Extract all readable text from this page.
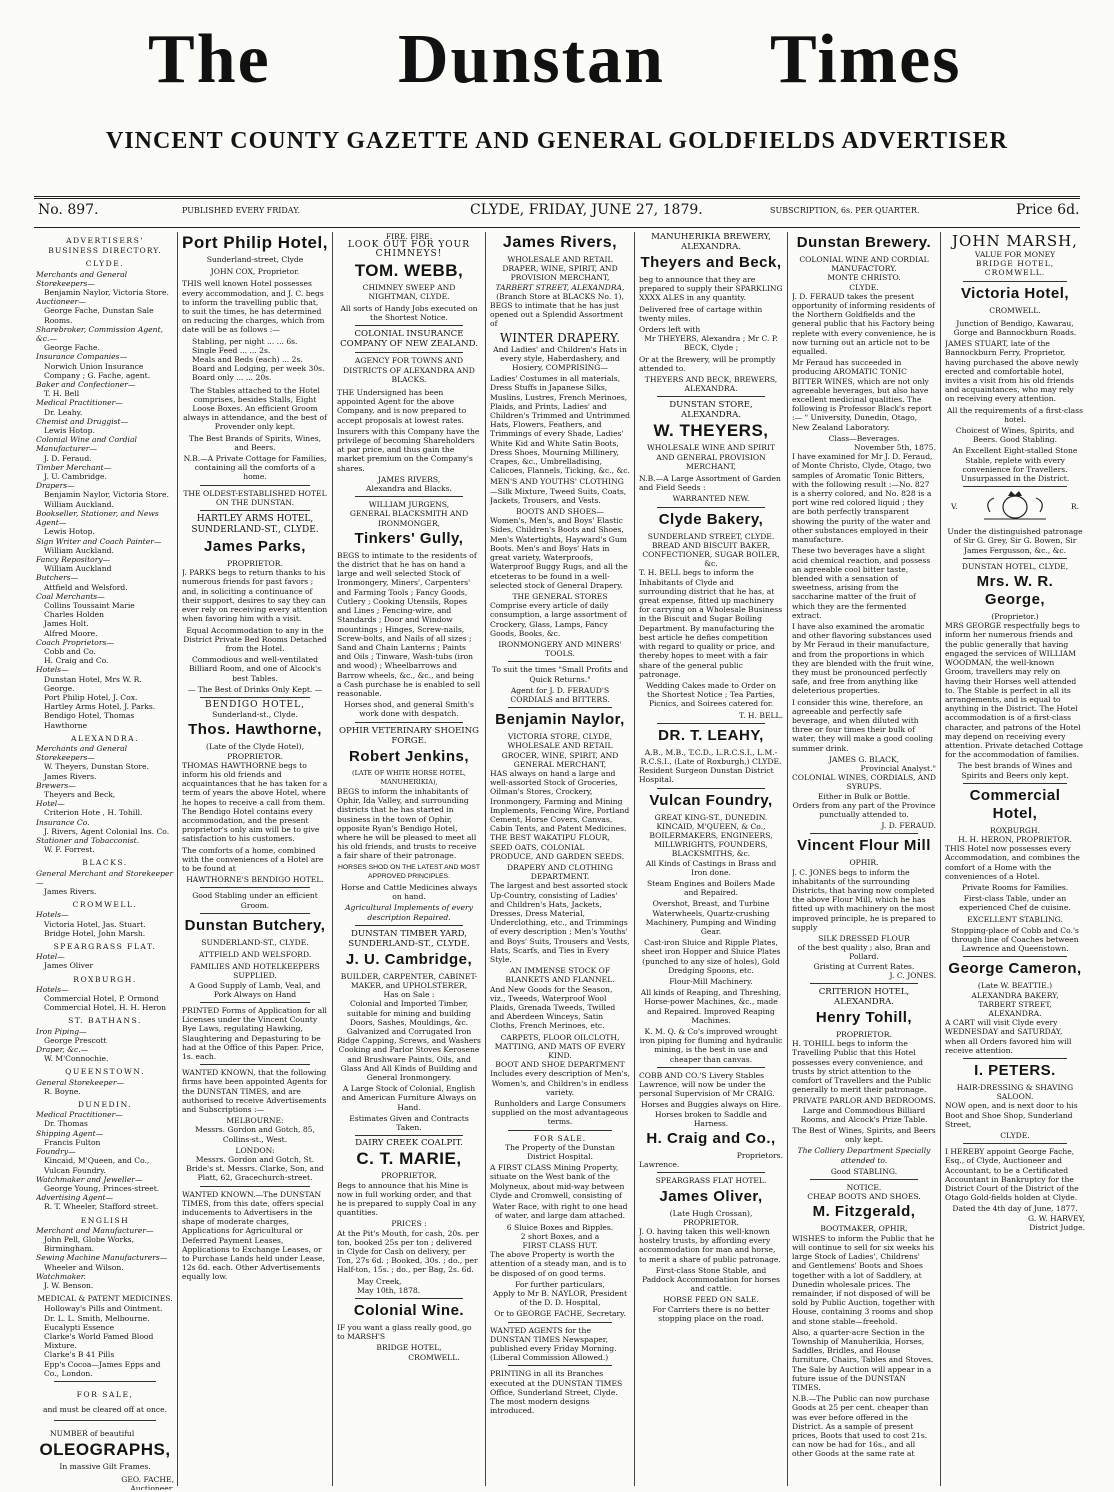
The Dunstan Times
VINCENT COUNTY GAZETTE AND GENERAL GOLDFIELDS ADVERTISER
No. 897.	PUBLISHED EVERY FRIDAY.	CLYDE, FRIDAY, JUNE 27, 1879.	SUBSCRIPTION, 6s. PER QUARTER.	Price 6d.
ADVERTISERS'
BUSINESS DIRECTORY.
CLYDE.
Merchants and General Storekeepers—
Benjamin Naylor, Victoria Store.
Auctioneer—
George Fache, Dunstan Sale Rooms.
Sharebroker, Commission Agent, &c.—
George Fache.
Insurance Companies—
Norwich Union Insurance Company ; G. Fache, agent.
Baker and Confectioner—
T. H. Bell
Medical Practitioner—
Dr. Leahy.
Chemist and Druggist—
Lewis Hotop.
Colonial Wine and Cordial Manufacturer—
J. D. Feraud.
Timber Merchant—
J. U. Cambridge.
Drapers—
Benjamin Naylor, Victoria Store.
William Auckland.
Bookseller, Stationer, and News Agent—
Lewis Hotop.
Sign Writer and Coach Painter—
William Auckland.
Fancy Repository—
William Auckland
Butchers—
Attfield and Welsford.
Coal Merchants—
Collins Toussaint Marie
Charles Holden
James Holt.
Alfred Moore.
Coach Proprietors—
Cobb and Co.
H. Craig and Co.
Hotels—
Dunstan Hotel, Mrs W. R. George.
Port Philip Hotel, J. Cox.
Hartley Arms Hotel, J. Parks.
Bendigo Hotel, Thomas Hawthorne
ALEXANDRA.
Merchants and General Storekeepers—
W. Theyers, Dunstan Store.
James Rivers.
Brewers—
Theyers and Beck,
Hotel—
Criterion Hote , H. Tohill.
Insurance Co.
J. Rivers, Agent Colonial Ins. Co.
Stationer and Tobacconist.
W. F. Forrest.
BLACKS.
General Merchant and Storekeeper—
James Rivers.
CROMWELL.
Hotels—
Victoria Hotel, Jas. Stuart.
Bridge Hotel, John Marsh.
SPEARGRASS FLAT.
Hotel—
James Oliver
ROXBURGH.
Hotels—
Commercial Hotel, P. Ormond
Commercial Hotel, H. H. Heron
ST. BATHANS.
Iron Piping—
George Prescott
Draper, &c.—
W. M'Connochie.
QUEENSTOWN.
General Storekeeper—
R. Boyne.
DUNEDIN.
Medical Practitioner—
Dr. Thomas
Shipping Agent—
Francis Fulton
Foundry—
Kincaid, M'Queen, and Co., Vulcan Foundry.
Watchmaker and Jeweller—
George Young, Princes-street.
Advertising Agent—
R. T. Wheeler, Stafford street.
ENGLISH
Merchant and Manufacturer—
John Pell, Globe Works, Birmingham.
Sewing Machine Manufacturers—
Wheeler and Wilson.
Watchmaker.
J. W. Benson.
MEDICAL & PATENT MEDICINES.
Holloway's Pills and Ointment.
Dr. L. L. Smith, Melbourne.
Eucalypti Essence
Clarke's World Famed Blood Mixture.
Clarke's B 41 Pills
Epp's Cocoa—James Epps and Co., London.
FOR SALE,
and must be cleared off at once.
NUMBER of beautiful
OLEOGRAPHS,
In massive Gilt Frames.
GEO. FACHE,
Auctioneer.
Port Philip Hotel,
Sunderland-street, Clyde
JOHN COX, Proprietor.

THIS well known Hotel possesses every accommodation, and J. C. begs to inform the travelling public that, to suit the times, he has determined on reducing the charges, which from date will be as follows :—

Stabling, per night ... ... 6s.
Single Feed ... ... 2s.
Meals and Beds (each) ... 2s.
Board and Lodging, per week 30s.
Board only ... ... 20s.

The Stables attached to the Hotel comprises, besides Stalls, Eight Loose Boxes. An efficient Groom always in attendance, and the best of Provender only kept.

The Best Brands of Spirits, Wines, and Beers.

N.B.—A Private Cottage for Families, containing all the comforts of a home.

THE OLDEST-ESTABLISHED HOTEL ON THE DUNSTAN.
HARTLEY ARMS HOTEL, SUNDERLAND-ST., CLYDE.
James Parks,
PROPRIETOR.

J. PARKS begs to return thanks to his numerous friends for past favors ; and, in soliciting a continuance of their support, desires to say they can ever rely on receiving every attention when favoring him with a visit.

Equal Accommodation to any in the District Private Bed Rooms Detached from the Hotel.

Commodious and well-ventilated Billiard Room, and one of Alcock's best Tables.

— The Best of Drinks Only Kept. —
BENDIGO HOTEL,
Sunderland-st., Clyde.
Thos. Hawthorne,
(Late of the Clyde Hotel),
PROPRIETOR.

THOMAS HAWTHORNE begs to inform his old friends and acquaintances that he has taken for a term of years the above Hotel, where he hopes to receive a call from them. The Bendigo Hotel contains every accommodation, and the present proprietor's only aim will be to give satisfaction to his customers.

The comforts of a home, combined with the conveniences of a Hotel are to be found at

HAWTHORNE'S BENDIGO HOTEL.

Good Stabling under an efficient Groom.

Dunstan Butchery,
SUNDERLAND-ST., CLYDE.
ATTFIELD AND WELSFORD.
FAMILIES AND HOTELKEEPERS SUPPLIED.

A Good Supply of Lamb, Veal, and Pork Always on Hand

PRINTED Forms of Application for all Licenses under the Vincent County Bye Laws, regulating Hawking, Slaughtering and Depasturing to be had at the Office of this Paper. Price, 1s. each.

WANTED KNOWN, that the following firms have been appointed Agents for the DUNSTAN TIMES, and are authorised to receive Advertisements and Subscriptions :—

MELBOURNE:

Messrs. Gordon and Gotch, 85, Collins-st., West.

LONDON:

Messrs. Gordon and Gotch, St. Bride's st. Messrs. Clarke, Son, and Platt, 62, Gracechurch-street.

WANTED KNOWN.—The DUNSTAN TIMES, from this date, offers special inducements to Advertisers in the shape of moderate charges, Applications for Agricultural or Deferred Payment Leases, Applications to Exchange Leases, or to Purchase Lands held under Lease, 12s 6d. each. Other Advertisements equally low.

FIRE. FIRE.
LOOK OUT FOR YOUR CHIMNEYS!
TOM. WEBB,
CHIMNEY SWEEP AND NIGHTMAN, CLYDE.

All sorts of Handy Jobs executed on the Shortest Notice.

COLONIAL INSURANCE COMPANY OF NEW ZEALAND.
AGENCY FOR TOWNS AND DISTRICTS OF ALEXANDRA AND BLACKS.

THE Undersigned has been appointed Agent for the above Company, and is now prepared to accept proposals at lowest rates.

Insurers with this Company have the privilege of becoming Shareholders at par price, and thus gain the market premium on the Company's shares.

JAMES RIVERS,
Alexandra and Blacks.
WILLIAM JURGENS,
GENERAL BLACKSMITH AND IRONMONGER,
Tinkers' Gully,

BEGS to intimate to the residents of the district that he has on hand a large and well selected Stock of Ironmongery, Miners', Carpenters' and Farming Tools ; Fancy Goods, Cutlery ; Cooking Utensils, Ropes and Lines ; Fencing-wire, and Standards ; Door and Window mountings ; Hinges, Screw-nails, Screw-bolts, and Nails of all sizes ; Sand and Chain Lanterns ; Paints and Oils ; Tinware, Wash-tubs (iron and wood) ; Wheelbarrows and Barrow wheels, &c., &c., and being a Cash purchase he is enabled to sell reasonable.

Horses shod, and general Smith's work done with despatch.

OPHIR VETERINARY SHOEING FORGE.
Robert Jenkins,
(LATE OF WHITE HORSE HOTEL, MANUHERIKIA),

BEGS to inform the inhabitants of Ophir, Ida Valley, and surrounding districts that he has started in business in the town of Ophir, opposite Ryan's Bendigo Hotel, where he will be pleased to meet all his old friends, and trusts to receive a fair share of their patronage.

HORSES SHOD ON THE LATEST AND MOST APPROVED PRINCIPLES.

Horse and Cattle Medicines always on hand.

Agricultural Implements of every description Repaired.

DUNSTAN TIMBER YARD, SUNDERLAND-ST., CLYDE.
J. U. Cambridge,
BUILDER, CARPENTER, CABINET-MAKER, and UPHOLSTERER,
Has on Sale :

Colonial and Imported Timber, suitable for mining and building Doors, Sashes, Mouldings, &c. Galvanized and Corrugated Iron Ridge Capping, Screws, and Washers Cooking and Parlor Stoves Kerosene and Brushware Paints, Oils, and Glass And All Kinds of Building and General Ironmongery.

A Large Stock of Colonial, English and American Furniture Always on Hand.

Estimates Given and Contracts Taken.

DAIRY CREEK COALPIT.
C. T. MARIE,
PROPRIETOR,

Begs to announce that his Mine is now in full working order, and that he is prepared to supply Coal in any quantities.

PRICES :

At the Pit's Mouth, for cash, 20s. per ton, booked 25s per ton ; delivered in Clyde for Cash on delivery, per Ton, 27s 6d. ; Booked, 30s. ; do., per Half-ton, 15s. ; do., per Bag, 2s. 6d.

May Creek,
May 10th, 1878.
Colonial Wine.

IF you want a glass really good, go to MARSH'S

BRIDGE HOTEL,
CROMWELL.
James Rivers,
WHOLESALE AND RETAIL DRAPER, WINE, SPIRIT, AND PROVISION MERCHANT,
TARBERT STREET, ALEXANDRA,
(Branch Store at BLACKS No. 1),

BEGS to intimate that he has just opened out a Splendid Assortment of

WINTER DRAPERY.

And Ladies' and Children's Hats in every style, Haberdashery, and Hosiery, COMPRISING—

Ladies' Costumes in all materials, Dress Stuffs in Japanese Silks, Muslins, Lustres, French Merinoes, Plaids, and Prints, Ladies' and Children's Trimmed and Untrimmed Hats, Flowers, Feathers, and Trimmings of every Shade, Ladies' White Kid and White Satin Boots, Dress Shoes, Mourning Millinery, Crapes, &c., Umbrelladising, Calicoes, Flannels, Ticking, &c., &c.

MEN'S AND YOUTHS' CLOTHING—Silk Mixture, Tweed Suits, Coats, Jackets, Trousers, and Vests.

BOOTS AND SHOES—

Women's, Men's, and Boys' Elastic Sides, Children's Boots and Shoes, Men's Watertights, Hayward's Gum Boots. Men's and Boys' Hats in great variety, Waterproofs, Waterproof Buggy Rugs, and all the etceteras to be found in a well-selected stock of General Drapery.

THE GENERAL STORES

Comprise every article of daily consumption, a large assortment of Crockery, Glass, Lamps, Fancy Goods, Books, &c.

IRONMONGERY AND MINERS' TOOLS.

To suit the times "Small Profits and Quick Returns."

Agent for J. D. FERAUD'S CORDIALS and BITTERS.

Benjamin Naylor,
VICTORIA STORE, CLYDE,
WHOLESALE AND RETAIL GROCER, WINE, SPIRIT, AND GENERAL MERCHANT,

HAS always on hand a large and well-assorted Stock of Groceries, Oilman's Stores, Crockery, Ironmongery, Farming and Mining Implements, Fencing Wire, Portland Cement, Horse Covers, Canvas, Cabin Tents, and Patent Medicines. THE BEST WAKATIPU FLOUR, SEED OATS, COLONIAL PRODUCE, AND GARDEN SEEDS.

DRAPERY AND CLOTHING DEPARTMENT.

The largest and best assorted stock Up-Country, consisting of Ladies' and Children's Hats, Jackets, Dresses, Dress Material, Underclothing, etc., and Trimmings of every description ; Men's Youths' and Boys' Suits, Trousers and Vests, Hats, Scarfs, and Ties in Every Style.

AN IMMENSE STOCK OF BLANKETS AND FLANNEL.

And New Goods for the Season, viz., Tweeds, Waterproof Wool Plaids, Grenada Tweeds, Twilled and Aberdeen Winceys, Satin Cloths, French Merinoes, etc.

CARPETS, FLOOR OILCLOTH, MATTING, AND MATS OF EVERY KIND.

BOOT AND SHOE DEPARTMENT Includes every description of Men's, Women's, and Children's in endless variety.

Runholders and Large Consumers supplied on the most advantageous terms.

FOR SALE.

The Property of the Dunstan District Hospital.

A FIRST CLASS Mining Property, situate on the West bank of the Molyneux, about mid-way between Clyde and Cromwell, consisting of

Water Race, with right to one head of water, and large dam attached.

6 Sluice Boxes and Ripples.
2 short Boxes, and a
FIRST CLASS HUT.

The above Property is worth the attention of a steady man, and is to be disposed of on good terms.

For further particulars,

Apply to Mr B. NAYLOR, President of the D. D. Hospital,

Or to GEORGE FACHE, Secretary.

WANTED AGENTS for the DUNSTAN TIMES Newspaper, published every Friday Morning. (Liberal Commission Allowed.)

PRINTING in all its Branches executed at the DUNSTAN TIMES Office, Sunderland Street, Clyde. The most modern designs introduced.

MANUHERIKIA BREWERY, ALEXANDRA.
Theyers and Beck,

beg to announce that they are prepared to supply their SPARKLING XXXX ALES in any quantity.

Delivered free of cartage within twenty miles.

Orders left with

Mr THEYERS, Alexandra ; Mr C. P. BECK, Clyde ;

Or at the Brewery, will be promptly attended to.

THEYERS AND BECK, BREWERS, ALEXANDRA.

DUNSTAN STORE, ALEXANDRA.
W. THEYERS,
WHOLESALE WINE AND SPIRIT AND GENERAL PROVISION MERCHANT,

N.B.—A Large Assortment of Garden and Field Seeds :

WARRANTED NEW.
Clyde Bakery,
SUNDERLAND STREET, CLYDE.
BREAD AND BISCUIT BAKER, CONFECTIONER, SUGAR BOILER, &c.

T. H. BELL begs to inform the Inhabitants of Clyde and surrounding district that he has, at great expense, fitted up machinery for carrying on a Wholesale Business in the Biscuit and Sugar Boiling Department. By manufacturing the best article he defies competition with regard to quality or price, and thereby hopes to meet with a fair share of the general public patronage.

Wedding Cakes made to Order on the Shortest Notice ; Tea Parties, Picnics, and Soirees catered for.

T. H. BELL.
DR. T. LEAHY,
A.B., M.B., T.C.D., L.R.C.S.I., L.M.-R.C.S.I., (Late of Roxburgh,) CLYDE.
Resident Surgeon Dunstan District Hospital.
Vulcan Foundry,
GREAT KING-ST., DUNEDIN.
KINCAID, M'QUEEN, & Co., BOILERMAKERS, ENGINEERS, MILLWRIGHTS, FOUNDERS, BLACKSMITHS, &c.

All Kinds of Castings in Brass and Iron done.

Steam Engines and Boilers Made and Repaired.

Overshot, Breast, and Turbine Waterwheels, Quartz-crushing Machinery, Pumping and Winding Gear.

Cast-iron Sluice and Ripple Plates, sheet iron Hopper and Sluice Plates (punched to any size of holes), Gold Dredging Spoons, etc.

Flour-Mill Machinery.

All kinds of Reaping, and Threshing, Horse-power Machines, &c., made and Repaired. Improved Reaping Machines.

K. M. Q. & Co's improved wrought iron piping for fluming and hydraulic mining, is the best in use and cheaper than canvas.

COBB AND CO.'S Livery Stables Lawrence, will now be under the personal Supervision of Mr CRAIG.

Horses and Buggies always on Hire. Horses broken to Saddle and Harness.

H. Craig and Co.,
Proprietors.
Lawrence.
SPEARGRASS FLAT HOTEL.
James Oliver,
(Late Hugh Crossan),
PROPRIETOR.

J. O. having taken this well-known hostelry trusts, by affording every accommodation for man and horse, to merit a share of public patronage.

First-class Stone Stable, and Paddock Accommodation for horses and cattle.

HORSE FEED ON SALE.

For Carriers there is no better stopping place on the road.

Dunstan Brewery.
COLONIAL WINE AND CORDIAL MANUFACTORY.
MONTE CHRISTO.
CLYDE.

J. D. FERAUD takes the present opportunity of informing residents of the Northern Goldfields and the general public that his Factory being replete with every convenience, he is now turning out an article not to be equalled.

Mr Feraud has succeeded in producing AROMATIC TONIC BITTER WINES, which are not only agreeable beverages, but also have excellent medicinal qualities. The following is Professor Black's report :— " University, Dunedin, Otago, New Zealand Laboratory.

Class—Beverages.
November 5th, 1875.

I have examined for Mr J. D. Feraud, of Monte Christo, Clyde, Otago, two samples of Aromatic Tonic Bitters, with the following result :—No. 827 is a sherry colored, and No. 828 is a port wine red colored liquid ; they are both perfectly transparent showing the purity of the water and other substances employed in their manufacture.

These two beverages have a slight acid chemical reaction, and possess an agreeable cool bitter taste, blended with a sensation of sweetness, arising from the saccharine matter of the fruit of which they are the fermented extract.

I have also examined the aromatic and other flavoring substances used by Mr Feraud in their manufacture, and from the proportions in which they are blended with the fruit wine, they must be pronounced perfectly safe, and free from anything like deleterious properties.

I consider this wine, therefore, an agreeable and perfectly safe beverage, and when diluted with three or four times their bulk of water, they will make a good cooling summer drink.

JAMES G. BLACK,
Provincial Analyst."
COLONIAL WINES, CORDIALS, AND SYRUPS.
Either in Bulk or Bottle.

Orders from any part of the Province punctually attended to.

J. D. FERAUD.
Vincent Flour Mill
OPHIR.

J. C. JONES begs to inform the inhabitants of the surrounding Districts, that having now completed the above Flour Mill, which he has fitted up with machinery on the most improved principle, he is prepared to supply

SILK DRESSED FLOUR
of the best quality ; also, Bran and Pollard.
Gristing at Current Rates.
J. C. JONES.
CRITERION HOTEL, ALEXANDRA.
Henry Tohill,
PROPRIETOR.

H. TOHILL begs to inform the Travelling Public that this Hotel possesses every convenience, and trusts by strict attention to the comfort of Travellers and the Public generally to merit their patronage.

PRIVATE PARLOR AND BEDROOMS.

Large and Commodious Billiard Rooms, and Alcock's Prize Table.

The Best of Wines, Spirits, and Beers only kept.

The Colliery Department Specially attended to.

Good STABLING.
NOTICE.
CHEAP BOOTS AND SHOES.
M. Fitzgerald,
BOOTMAKER, OPHIR,

WISHES to inform the Public that he will continue to sell for six weeks his large Stock of Ladies', Childrens' and Gentlemens' Boots and Shoes together with a lot of Saddlery, at Dunedin wholesale prices. The remainder, if not disposed of will be sold by Public Auction, together with House, containing 3 rooms and shop and stone stable—freehold.

Also, a quarter-acre Section in the Township of Manuherikia, Horses, Saddles, Bridles, and House furniture, Chairs, Tables and Stoves. The Sale by Auction will appear in a future issue of the DUNSTAN TIMES.

N.B.—The Public can now purchase Goods at 25 per cent. cheaper than was ever before offered in the District. As a sample of present prices, Boots that used to cost 21s. can now be had for 16s., and all other Goods at the same rate at

JOHN MARSH,
VALUE FOR MONEY
BRIDGE HOTEL, CROMWELL.
Victoria Hotel,
CROMWELL.

Junction of Bendigo, Kawarau, Gorge and Bannockburn Roads.

JAMES STUART, late of the Bannockburn Ferry, Proprietor, having purchased the above newly erected and comfortable hotel, invites a visit from his old friends and acquaintances, who may rely on receiving every attention.

All the requirements of a first-class hotel.

Choicest of Wines, Spirits, and Beers. Good Stabling.

An Excellent Eight-stalled Stone Stable, replete with every convenience for Travellers. Unsurpassed in the District.

V.	R.

Under the distinguished patronage of Sir G. Grey, Sir G. Bowen, Sir James Fergusson, &c., &c.

DUNSTAN HOTEL, CLYDE,
Mrs. W. R. George,
(Proprietor.)

MRS GEORGE respectfully begs to inform her numerous friends and the public generally that having engaged the services of WILLIAM WOODMAN, the well-known Groom, travellers may rely on having their Horses well attended to. The Stable is perfect in all its arrangements, and is equal to anything in the District. The Hotel accommodation is of a first-class character, and patrons of the Hotel may depend on receiving every attention. Private detached Cottage for the accommodation of families.

The best brands of Wines and Spirits and Beers only kept.

Commercial Hotel,
ROXBURGH.
H. H. HERON, PROPRIETOR.

THIS Hotel now possesses every Accommodation, and combines the comfort of a Home with the conveniences of a Hotel.

Private Rooms for Families.

First-class Table, under an experienced Chef de cuisine.

EXCELLENT STABLING.

Stopping-place of Cobb and Co.'s through line of Coaches between Lawrence and Queenstown.

George Cameron,
(Late W. BEATTIE.)
ALEXANDRA BAKERY,
TARBERT STREET,
ALEXANDRA.

A CART will visit Clyde every WEDNESDAY and SATURDAY, when all Orders favored him will receive attention.

I. PETERS.
HAIR-DRESSING & SHAVING SALOON.

NOW open, and is next door to his Boot and Shoe Shop, Sunderland Street,

CLYDE.

I HEREBY appoint George Fache, Esq., of Clyde, Auctioneer and Accountant, to be a Certificated Accountant in Bankruptcy for the District Court of the District of the Otago Gold-fields holden at Clyde.

Dated the 4th day of June, 1877.
G. W. HARVEY,
District Judge.
